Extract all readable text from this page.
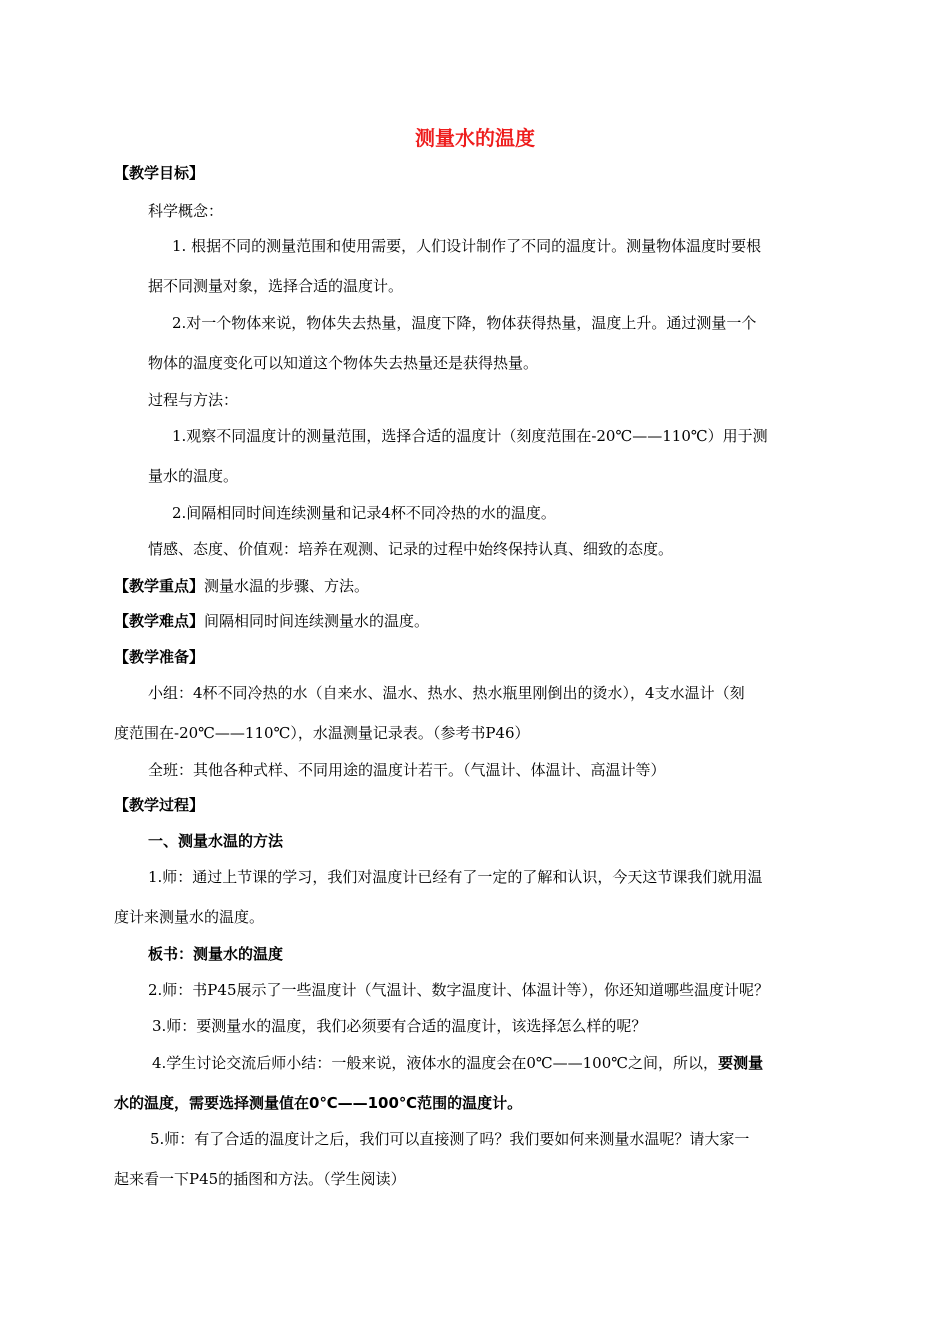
测量水的温度
【教学目标】
科学概念：
1. 根据不同的测量范围和使用需要，人们设计制作了不同的温度计。测量物体温度时要根
据不同测量对象，选择合适的温度计。
2.对一个物体来说，物体失去热量，温度下降，物体获得热量，温度上升。通过测量一个
物体的温度变化可以知道这个物体失去热量还是获得热量。
过程与方法：
1.观察不同温度计的测量范围，选择合适的温度计（刻度范围在-20℃——110℃）用于测
量水的温度。
2.间隔相同时间连续测量和记录4杯不同冷热的水的温度。
情感、态度、价值观：培养在观测、记录的过程中始终保持认真、细致的态度。
【教学重点】测量水温的步骤、方法。
【教学难点】间隔相同时间连续测量水的温度。
【教学准备】
小组：4杯不同冷热的水（自来水、温水、热水、热水瓶里刚倒出的烫水），4支水温计（刻
度范围在-20℃——110℃），水温测量记录表。（参考书P46）
全班：其他各种式样、不同用途的温度计若干。（气温计、体温计、高温计等）
【教学过程】
一、测量水温的方法
1.师：通过上节课的学习，我们对温度计已经有了一定的了解和认识，今天这节课我们就用温
度计来测量水的温度。
板书：测量水的温度
2.师：书P45展示了一些温度计（气温计、数字温度计、体温计等），你还知道哪些温度计呢？
3.师：要测量水的温度，我们必须要有合适的温度计，该选择怎么样的呢？
4.学生讨论交流后师小结：一般来说，液体水的温度会在0℃——100℃之间，所以，要测量
水的温度，需要选择测量值在0℃——100℃范围的温度计。
5.师：有了合适的温度计之后，我们可以直接测了吗？我们要如何来测量水温呢？请大家一
起来看一下P45的插图和方法。（学生阅读）
